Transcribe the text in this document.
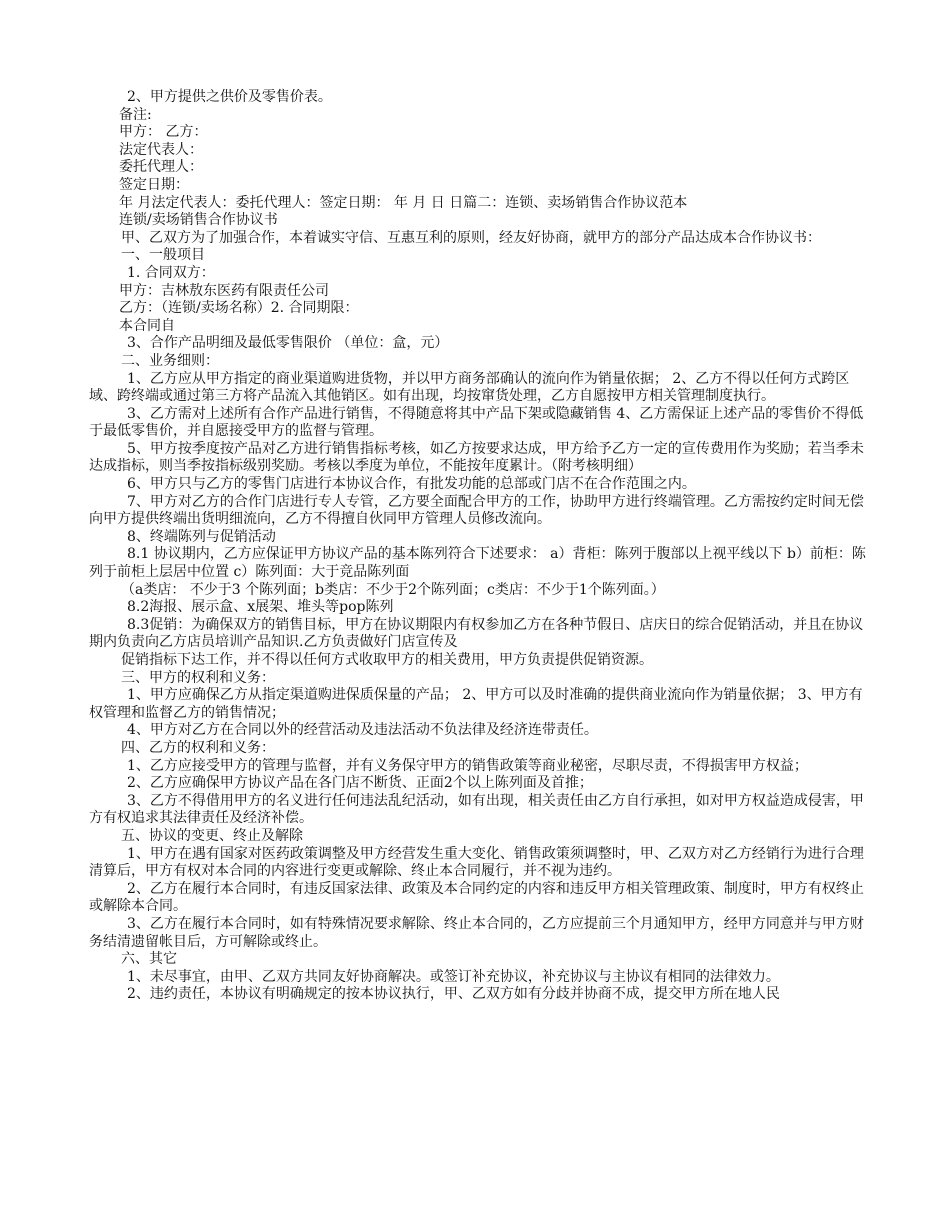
2、甲方提供之供价及零售价表。

备注:

甲方： 乙方：

法定代表人：

委托代理人：

签定日期：

年 月法定代表人：委托代理人：签定日期： 年 月 日 日篇二：连锁、卖场销售合作协议范本

连锁/卖场销售合作协议书

甲、乙双方为了加强合作，本着诚实守信、互惠互利的原则，经友好协商，就甲方的部分产品达成本合作协议书：

一、一般项目

1. 合同双方：

甲方：吉林敖东医药有限责任公司

乙方：（连锁/卖场名称）2. 合同期限：

本合同自

3、合作产品明细及最低零售限价 （单位：盒，元）

二、业务细则：

1、乙方应从甲方指定的商业渠道购进货物，并以甲方商务部确认的流向作为销量依据； 2、乙方不得以任何方式跨区域、跨终端或通过第三方将产品流入其他销区。如有出现，均按窜货处理，乙方自愿按甲方相关管理制度执行。

3、乙方需对上述所有合作产品进行销售，不得随意将其中产品下架或隐藏销售 4、乙方需保证上述产品的零售价不得低于最低零售价，并自愿接受甲方的监督与管理。

5、甲方按季度按产品对乙方进行销售指标考核，如乙方按要求达成，甲方给予乙方一定的宣传费用作为奖励；若当季未达成指标，则当季按指标级别奖励。考核以季度为单位，不能按年度累计。（附考核明细）

6、甲方只与乙方的零售门店进行本协议合作，有批发功能的总部或门店不在合作范围之内。

7、甲方对乙方的合作门店进行专人专管，乙方要全面配合甲方的工作，协助甲方进行终端管理。乙方需按约定时间无偿向甲方提供终端出货明细流向，乙方不得擅自伙同甲方管理人员修改流向。

8、终端陈列与促销活动

8.1 协议期内，乙方应保证甲方协议产品的基本陈列符合下述要求： a）背柜：陈列于腹部以上视平线以下 b）前柜：陈列于前柜上层居中位置 c）陈列面：大于竞品陈列面

（a类店： 不少于3 个陈列面；b类店：不少于2个陈列面；c类店：不少于1个陈列面。）

8.2海报、展示盒、x展架、堆头等pop陈列

8.3促销：为确保双方的销售目标，甲方在协议期限内有权参加乙方在各种节假日、店庆日的综合促销活动，并且在协议期内负责向乙方店员培训产品知识.乙方负责做好门店宣传及

促销指标下达工作，并不得以任何方式收取甲方的相关费用，甲方负责提供促销资源。

三、甲方的权利和义务：

1、甲方应确保乙方从指定渠道购进保质保量的产品； 2、甲方可以及时准确的提供商业流向作为销量依据； 3、甲方有权管理和监督乙方的销售情况；

4、甲方对乙方在合同以外的经营活动及违法活动不负法律及经济连带责任。

四、乙方的权利和义务：

1、乙方应接受甲方的管理与监督，并有义务保守甲方的销售政策等商业秘密，尽职尽责，不得损害甲方权益；

2、乙方应确保甲方协议产品在各门店不断货、正面2个以上陈列面及首推；

3、乙方不得借用甲方的名义进行任何违法乱纪活动，如有出现，相关责任由乙方自行承担，如对甲方权益造成侵害，甲方有权追求其法律责任及经济补偿。

五、协议的变更、终止及解除

1、甲方在遇有国家对医药政策调整及甲方经营发生重大变化、销售政策须调整时，甲、乙双方对乙方经销行为进行合理清算后，甲方有权对本合同的内容进行变更或解除、终止本合同履行，并不视为违约。

2、乙方在履行本合同时，有违反国家法律、政策及本合同约定的内容和违反甲方相关管理政策、制度时，甲方有权终止或解除本合同。

3、乙方在履行本合同时，如有特殊情况要求解除、终止本合同的，乙方应提前三个月通知甲方，经甲方同意并与甲方财务结清遗留帐目后，方可解除或终止。

六、其它

1、未尽事宜，由甲、乙双方共同友好协商解决。或签订补充协议，补充协议与主协议有相同的法律效力。

2、违约责任，本协议有明确规定的按本协议执行，甲、乙双方如有分歧并协商不成，提交甲方所在地人民
